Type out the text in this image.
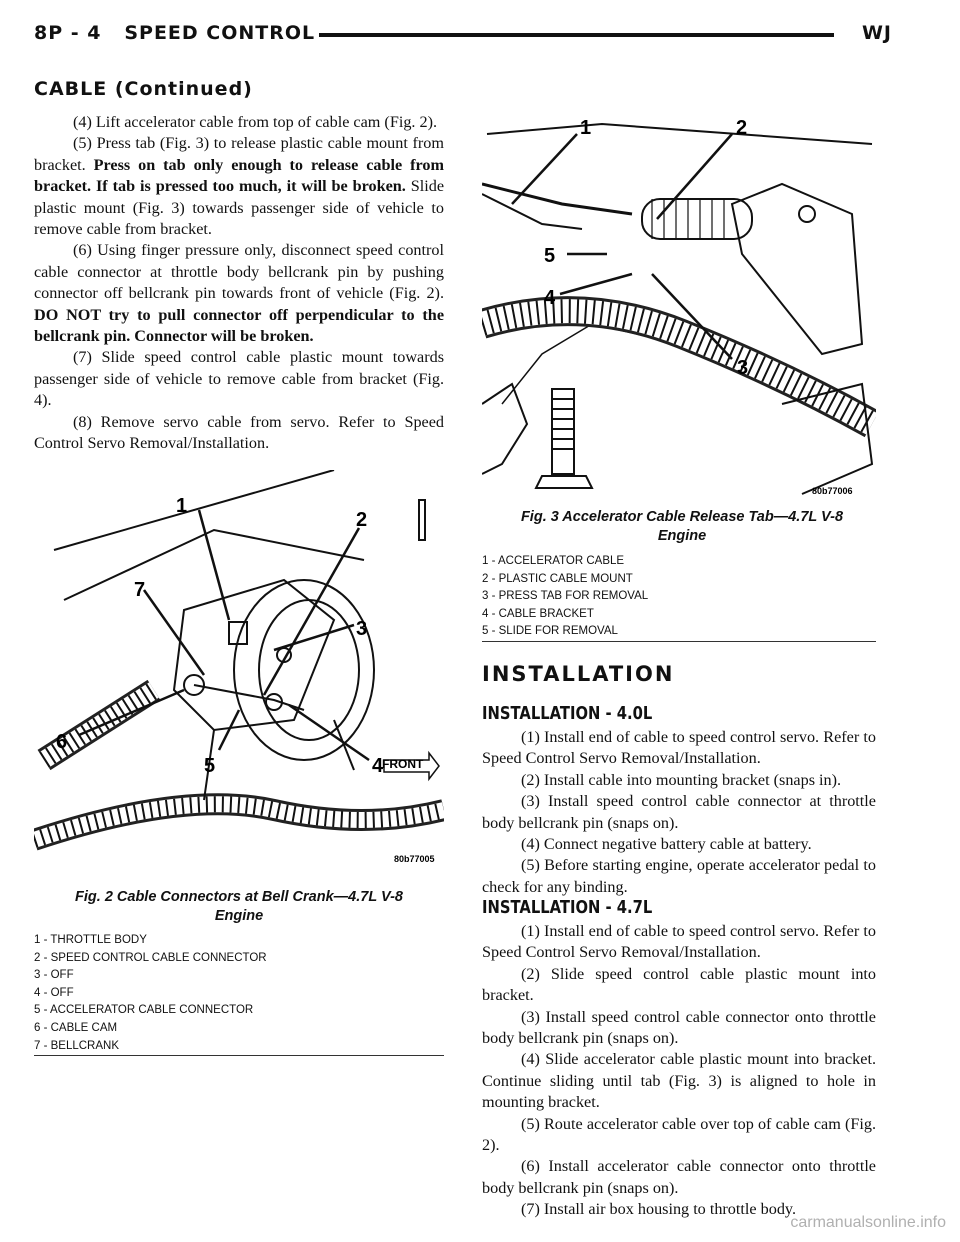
8P - 4 SPEED CONTROL	WJ
CABLE (Continued)

(4) Lift accelerator cable from top of cable cam (Fig. 2).

(5) Press tab (Fig. 3) to release plastic cable mount from bracket. Press on tab only enough to release cable from bracket. If tab is pressed too much, it will be broken. Slide plastic mount (Fig. 3) towards passenger side of vehicle to remove cable from bracket.

(6) Using finger pressure only, disconnect speed control cable connector at throttle body bellcrank pin by pushing connector off bellcrank pin towards front of vehicle (Fig. 2). DO NOT try to pull connector off perpendicular to the bellcrank pin. Connector will be broken.

(7) Slide speed control cable plastic mount towards passenger side of vehicle to remove cable from bracket (Fig. 4).

(8) Remove servo cable from servo. Refer to Speed Control Servo Removal/Installation.

1	2
3
4
5
80b77006
Fig. 3 Accelerator Cable Release Tab—4.7L V-8 Engine
1 - ACCELERATOR CABLE
2 - PLASTIC CABLE MOUNT
3 - PRESS TAB FOR REMOVAL
4 - CABLE BRACKET
5 - SLIDE FOR REMOVAL
FRONT
1
2
3
4
5
6
7
80b77005
Fig. 2 Cable Connectors at Bell Crank—4.7L V-8 Engine
1 - THROTTLE BODY
2 - SPEED CONTROL CABLE CONNECTOR
3 - OFF
4 - OFF
5 - ACCELERATOR CABLE CONNECTOR
6 - CABLE CAM
7 - BELLCRANK
INSTALLATION
INSTALLATION - 4.0L

(1) Install end of cable to speed control servo. Refer to Speed Control Servo Removal/Installation.

(2) Install cable into mounting bracket (snaps in).

(3) Install speed control cable connector at throttle body bellcrank pin (snaps on).

(4) Connect negative battery cable at battery.

(5) Before starting engine, operate accelerator pedal to check for any binding.

INSTALLATION - 4.7L

(1) Install end of cable to speed control servo. Refer to Speed Control Servo Removal/Installation.

(2) Slide speed control cable plastic mount into bracket.

(3) Install speed control cable connector onto throttle body bellcrank pin (snaps on).

(4) Slide accelerator cable plastic mount into bracket. Continue sliding until tab (Fig. 3) is aligned to hole in mounting bracket.

(5) Route accelerator cable over top of cable cam (Fig. 2).

(6) Install accelerator cable connector onto throttle body bellcrank pin (snaps on).

(7) Install air box housing to throttle body.

carmanualsonline.info
